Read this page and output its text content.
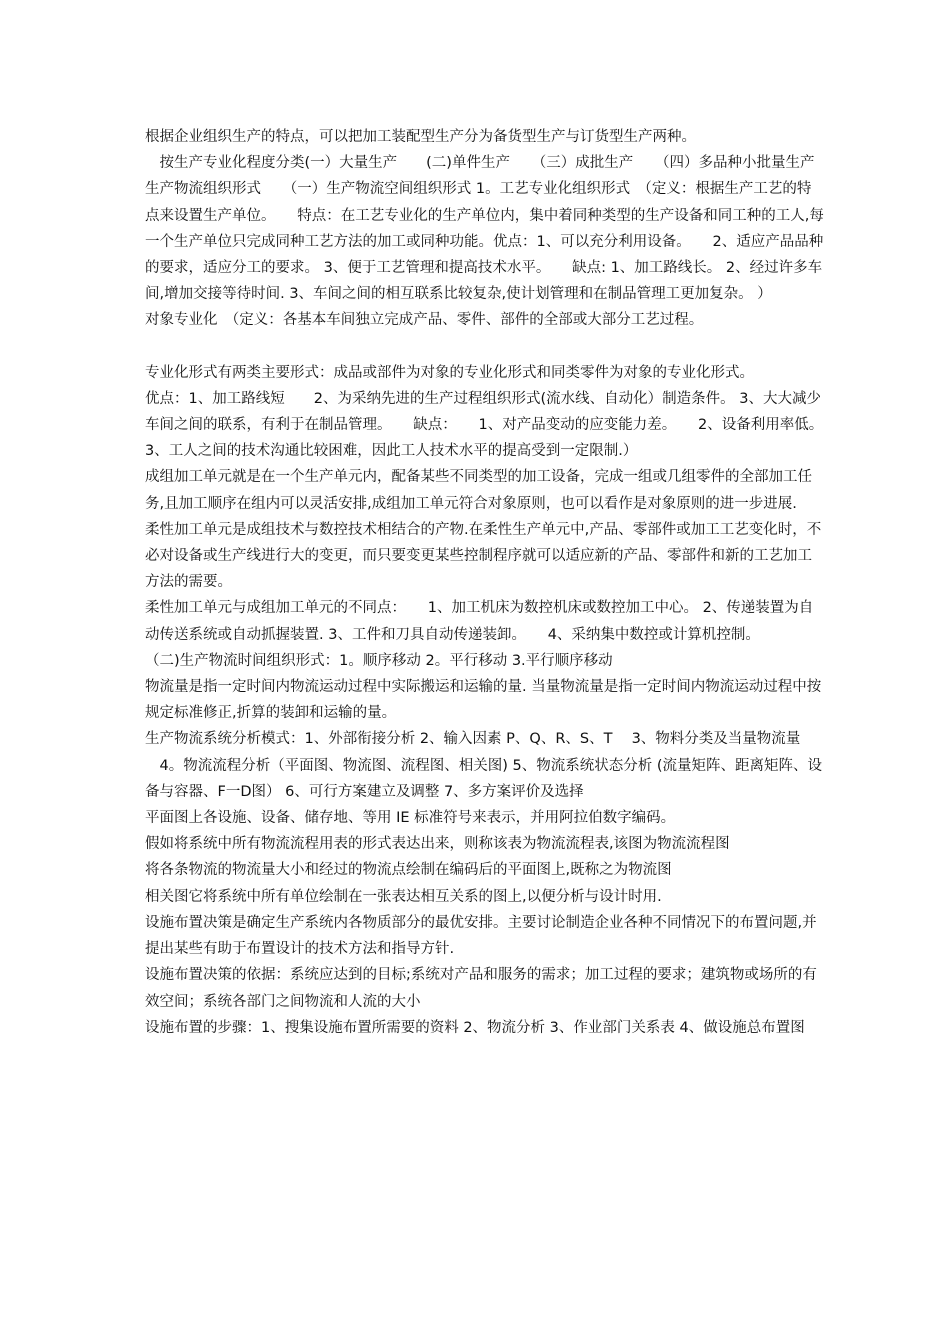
根据企业组织生产的特点，可以把加工装配型生产分为备货型生产与订货型生产两种。

　按生产专业化程度分类(一）大量生产　　(二)单件生产　　（三）成批生产　　（四）多品种小批量生产

生产物流组织形式　　（一）生产物流空间组织形式 1。工艺专业化组织形式　（定义：根据生产工艺的特点来设置生产单位。　　特点：在工艺专业化的生产单位内，集中着同种类型的生产设备和同工种的工人,每一个生产单位只完成同种工艺方法的加工或同种功能。优点：1、可以充分利用设备。　　2、适应产品品种的要求，适应分工的要求。 3、便于工艺管理和提高技术水平。　　缺点: 1、加工路线长。 2、经过许多车间,增加交接等待时间. 3、车间之间的相互联系比较复杂,使计划管理和在制品管理工更加复杂。 ）

对象专业化　（定义：各基本车间独立完成产品、零件、部件的全部或大部分工艺过程。

专业化形式有两类主要形式：成品或部件为对象的专业化形式和同类零件为对象的专业化形式。

优点：1、加工路线短　　2、为采纳先进的生产过程组织形式(流水线、自动化）制造条件。 3、大大减少车间之间的联系，有利于在制品管理。　　缺点：　　1、对产品变动的应变能力差。　　2、设备利用率低。　　3、工人之间的技术沟通比较困难，因此工人技术水平的提高受到一定限制.）

成组加工单元就是在一个生产单元内，配备某些不同类型的加工设备，完成一组或几组零件的全部加工任务,且加工顺序在组内可以灵活安排,成组加工单元符合对象原则，也可以看作是对象原则的进一步进展.

柔性加工单元是成组技术与数控技术相结合的产物.在柔性生产单元中,产品、零部件或加工工艺变化时，不必对设备或生产线进行大的变更，而只要变更某些控制程序就可以适应新的产品、零部件和新的工艺加工方法的需要。

柔性加工单元与成组加工单元的不同点：　　1、加工机床为数控机床或数控加工中心。 2、传递装置为自动传送系统或自动抓握装置. 3、工件和刀具自动传递装卸。　　4、采纳集中数控或计算机控制。

（二)生产物流时间组织形式：1。顺序移动 2。平行移动 3.平行顺序移动

物流量是指一定时间内物流运动过程中实际搬运和运输的量. 当量物流量是指一定时间内物流运动过程中按规定标准修正,折算的装卸和运输的量。

生产物流系统分析模式：1、外部衔接分析 2、输入因素 P、Q、R、S、T　 3、物料分类及当量物流量

　4。物流流程分析（平面图、物流图、流程图、相关图) 5、物流系统状态分析 (流量矩阵、距离矩阵、设备与容器、F一D图） 6、可行方案建立及调整 7、多方案评价及选择

平面图上各设施、设备、储存地、等用 IE 标准符号来表示，并用阿拉伯数字编码。

假如将系统中所有物流流程用表的形式表达出来，则称该表为物流流程表,该图为物流流程图

将各条物流的物流量大小和经过的物流点绘制在编码后的平面图上,既称之为物流图

相关图它将系统中所有单位绘制在一张表达相互关系的图上,以便分析与设计时用.

设施布置决策是确定生产系统内各物质部分的最优安排。主要讨论制造企业各种不同情况下的布置问题,并提出某些有助于布置设计的技术方法和指导方针.

设施布置决策的依据：系统应达到的目标;系统对产品和服务的需求；加工过程的要求；建筑物或场所的有效空间；系统各部门之间物流和人流的大小

设施布置的步骤：1、搜集设施布置所需要的资料 2、物流分析 3、作业部门关系表 4、做设施总布置图
